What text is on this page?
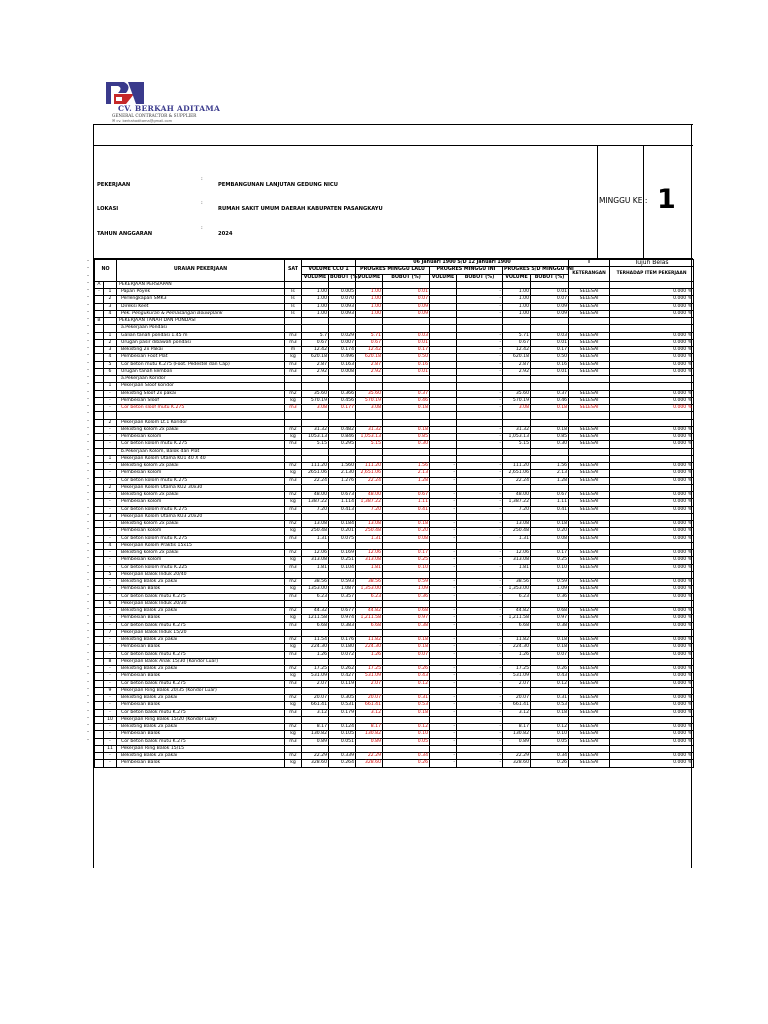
CV. BERKAH ADITAMA
GENERAL CONTRACTOR & SUPPLIER
✉cv. berkahaditama@gmail.com
-
-
-
-
-
-
-
-
-
-
-
-
-
-
-
-
-
-
-
-
-
-
-
-
-
-
-
-
-
-
-
-
-
-
-
-
-
-
-
-
-
-
-
-
-
-
-
-
-
-
-
-
-
-
-
-
-
-
-
-
-
-
-
-
-
-
-
PEKERJAAN
:
PEMBANGUNAN LANJUTAN GEDUNG NICU
LOKASI
:
RUMAH SAKIT UMUM DAERAH KABUPATEN PASANGKAYU
TAHUN ANGGARAN
:
2024
MINGGU KE : 1
NO		URAIAN PEKERJAAN	SAT			06 Januari 1900 S/D 12 Januari 1900						I	Tujuh Belas
				VOLUME CCO 1		PROGRES MINGGU LALU		PROGRES MINGGU INI		PROGRES S/D MINGGU INI		KETERANGAN	TERHADAP ITEM PEKERJAAN
				VOLUME	BOBOT (%)	VOLUME	BOBOT (%)	VOLUME	BOBOT (%)	VOLUME	BOBOT (%)		
A		PEKERJAAN PERSIAPAN											
-	1	Papan Poyek	ls	1.00	0.005	1.00	0.01		-	1.00	0.01	SELESAI	0.000 %
	2	Perlengkapan SMK3	ls	1.00	0.070	1.00	0.07		-	1.00	0.07	SELESAI	0.000 %
	3	Direksi Keet	ls	1.00	0.093	1.00	0.09		-	1.00	0.09	SELESAI	0.000 %
	4	Pek. Pengukuran & Pemasangan Bouwplank	ls	1.00	0.093	1.00	0.09		-	1.00	0.09	SELESAI	0.000 %
B		PEKERJAAN TANAH DAN PONDASI											
		a.Pekerjaan Pondasi											
	1	Galian tanah pondasi 1.45 m	m3	5.7	0.029	5.71	0.03		-	5.71	0.03	SELESAI	0.000 %
	2	Urugan pasir dibawah pondasi	m3	0.67	0.007	0.67	0.01		-	0.67	0.01	SELESAI	0.000 %
	3	Bekisting 2x Pakai	m	12.42	0.174	12.42	0.17		-	12.42	0.17	SELESAI	0.000 %
	4	Pembesian Foot Plat	kg	620.18	0.496	620.18	0.50		-	620.18	0.50	SELESAI	0.000 %
	5	Cor beton mutu K.275 (Foot. Pedestel dan Cap)	m3	2.87	0.163	2.87	0.16		-	2.87	0.16	SELESAI	0.000 %
	6	Urugan tanah kembali	m3	2.92	0.008	2.92	0.01		-	2.92	0.01	SELESAI	0.000 %
		a.Pekerjaan Koridor											
	1	Pekerjaan Sloof koridor											
	-	Bekisting Sloof 2x pakai	m2	35.60	0.366	35.60	0.37		-	35.60	0.37	SELESAI	0.000 %
	-	Pembesian Sloof	kg	570.19	0.456	570.19	0.46		-	570.19	0.46	SELESAI	0.000 %
	-	Cor beton sloof mutu K.275	m3	3.08	0.177	3.08	0.18		-	3.08	0.18	SELESAI	0.000 %

	2	Pekerjaan Kolom Lt.1 Koridor											
	-	Bekisting kolom 2x pakai	m2	31.32	0.482	31.32	0.18		-	31.32	0.18	SELESAI	0.000 %
	-	Pembesian kolom	kg	1053.13	0.846	1,053.13	0.85		-	1,053.13	0.85	SELESAI	0.000 %
	-	Cor beton kolom mutu K.275	m3	5.15	0.295	5.15	0.30		-	5.15	0.30	SELESAI	0.000 %
		b.Pekerjaan Kolom, Balok dan Plat											
	1	Pekerjaan Kolom Utama KU1 40 X 40											
	-	Bekisting kolom 2x pakai	m2	111.20	1.560	111.20	1.56	-	-	111.20	1.56	SELESAI	0.000 %
	-	Pembesian kolom	kg	2651.06	2.130	2,651.06	2.13	-	-	2,651.06	2.13	SELESAI	0.000 %
	-	Cor beton kolom mutu K.275	m3	22.24	1.276	22.24	1.28	-	-	22.24	1.28	SELESAI	0.000 %
	2	Pekerjaan Kolom Utama KU2 30x30											
	-	Bekisting kolom 2x pakai	m2	48.00	0.673	48.00	0.67	-	-	48.00	0.67	SELESAI	0.000 %
	-	Pembesian kolom	kg	1387.22	1.114	1,387.22	1.11	-	-	1,387.22	1.11	SELESAI	0.000 %
	-	Cor beton kolom mutu K.275	m3	7.20	0.413	7.20	0.41	-	-	7.20	0.41	SELESAI	0.000 %
	3	Pekerjaan Kolom Utama KU3 20x20											
	-	Bekisting kolom 2x pakai	m2	13.08	0.184	13.08	0.18	-	-	13.08	0.18	SELESAI	0.000 %
	-	Pembesian kolom	kg	250.48	0.201	250.48	0.20	-	-	250.48	0.20	SELESAI	0.000 %
	-	Cor beton kolom mutu K.275	m3	1.31	0.075	1.31	0.08	-	-	1.31	0.08	SELESAI	0.000 %
	4	Pekerjaan Kolom Praktis 15x15											
	-	Bekisting kolom 2x pakai	m2	12.06	0.169	12.06	0.17	-	-	12.06	0.17	SELESAI	0.000 %
	-	Pembesian kolom	kg	313.08	0.251	313.08	0.25	-	-	313.08	0.25	SELESAI	0.000 %
	-	Cor beton kolom mutu K.225	m3	1.81	0.104	1.81	0.10	-	-	1.81	0.10	SELESAI	0.000 %
	5	Pekerjaan Balok Induk 20/40											
	-	Bekisting Balok 2x pakai	m2	38.56	0.593	38.56	0.59	-	-	38.56	0.59	SELESAI	0.000 %
	-	Pembesian Balok	kg	1353.00	1.087	1,353.00	1.09	-	-	1,353.00	1.09	SELESAI	0.000 %
	-	Cor beton balok mutu K.275	m3	6.23	0.357	6.23	0.36	-	-	6.23	0.36	SELESAI	0.000 %
	6	Pekerjaan Balok Induk 20/30											
	-	Bekisting Balok 2x pakai	m2	44.32	0.677	44.82	0.68	-	-	44.82	0.68	SELESAI	0.000 %
	-	Pembesian Balok	kg	1211.58	0.974	1,211.58	0.97	-	-	1,211.58	0.97	SELESAI	0.000 %
	-	Cor beton balok mutu K.275	m3	6.68	0.383	6.68	0.38	-	-	6.68	0.38	SELESAI	0.000 %
	7	Pekerjaan Balok Induk 15/20											
	-	Bekisting Balok 2x pakai	m2	11.54	0.176	11.82	0.18	-	-	11.82	0.18	SELESAI	0.000 %
	-	Pembesian Balok	kg	224.30	0.180	224.30	0.18	-	-	224.30	0.18	SELESAI	0.000 %
	-	Cor beton balok mutu K.275	m3	1.26	0.072	1.26	0.07	-	-	1.26	0.07	SELESAI	0.000 %
	8	Pekerjaan Balok Anak 15/30 (Kondor Luar)											
	-	Bekisting Balok 2x pakai	m2	17.25	0.262	17.25	0.26	-	-	17.25	0.26	SELESAI	0.000 %
	-	Pembesian Balok	kg	531.09	0.427	531.09	0.43	-	-	531.09	0.43	SELESAI	0.000 %
	-	Cor beton balok mutu K.275	m3	2.07	0.119	2.07	0.12	-	-	2.07	0.12	SELESAI	0.000 %
	9	Pekerjaan Ring Balok 20/35 (Kondor Luar)											
	-	Bekisting Balok 2x pakai	m2	20.07	0.305	20.07	0.31	-	-	20.07	0.31	SELESAI	0.000 %
	-	Pembesian Balok	kg	661.41	0.531	661.41	0.53	-	-	661.41	0.53	SELESAI	0.000 %
	-	Cor beton balok mutu K.275	m3	3.12	0.179	3.12	0.18	-	-	3.12	0.18	SELESAI	0.000 %
	10	Pekerjaan Ring Balok 15/20 (Kondor Luar)											
	-	Bekisting Balok 2x pakai	m2	8.17	0.124	8.17	0.12	-	-	8.17	0.12	SELESAI	0.000 %
	-	Pembesian Balok	kg	130.82	0.105	130.82	0.10	-	-	130.82	0.10	SELESAI	0.000 %
	-	Cor beton balok mutu K.275	m3	0.89	0.051	0.89	0.05	-	-	0.89	0.05	SELESAI	0.000 %
	11	Pekerjaan Ring Balok 15/15											
	-	Bekisting Balok 2x pakai	m2	22.29	0.339	22.29	0.34	-	-	22.29	0.34	SELESAI	0.000 %
	-	Pembesian Balok	kg	328.60	0.264	328.60	0.26	-	-	328.60	0.26	SELESAI	0.000 %
